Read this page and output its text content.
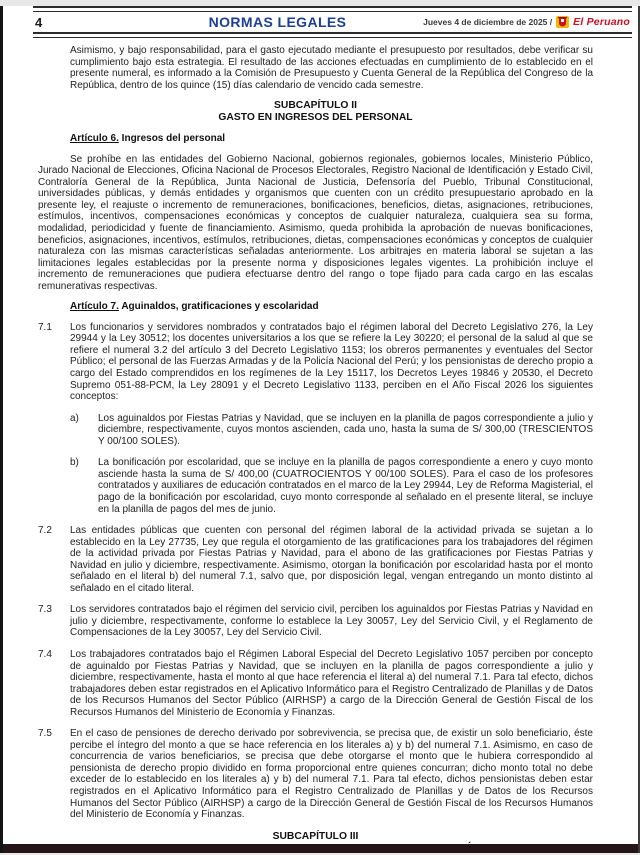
4	NORMAS LEGALES	Jueves 4 de diciembre de 2025 / El Peruano

Asimismo, y bajo responsabilidad, para el gasto ejecutado mediante el presupuesto por resultados, debe verificar su cumplimiento bajo esta estrategia. El resultado de las acciones efectuadas en cumplimiento de lo establecido en el presente numeral, es informado a la Comisión de Presupuesto y Cuenta General de la República del Congreso de la República, dentro de los quince (15) días calendario de vencido cada semestre.

SUBCAPÍTULO II
GASTO EN INGRESOS DEL PERSONAL
Artículo 6. Ingresos del personal

Se prohíbe en las entidades del Gobierno Nacional, gobiernos regionales, gobiernos locales, Ministerio Público, Jurado Nacional de Elecciones, Oficina Nacional de Procesos Electorales, Registro Nacional de Identificación y Estado Civil, Contraloría General de la República, Junta Nacional de Justicia, Defensoría del Pueblo, Tribunal Constitucional, universidades públicas, y demás entidades y organismos que cuenten con un crédito presupuestario aprobado en la presente ley, el reajuste o incremento de remuneraciones, bonificaciones, beneficios, dietas, asignaciones, retribuciones, estímulos, incentivos, compensaciones económicas y conceptos de cualquier naturaleza, cualquiera sea su forma, modalidad, periodicidad y fuente de financiamiento. Asimismo, queda prohibida la aprobación de nuevas bonificaciones, beneficios, asignaciones, incentivos, estímulos, retribuciones, dietas, compensaciones económicas y conceptos de cualquier naturaleza con las mismas características señaladas anteriormente. Los arbitrajes en materia laboral se sujetan a las limitaciones legales establecidas por la presente norma y disposiciones legales vigentes. La prohibición incluye el incremento de remuneraciones que pudiera efectuarse dentro del rango o tope fijado para cada cargo en las escalas remunerativas respectivas.

Artículo 7. Aguinaldos, gratificaciones y escolaridad
7.1	Los funcionarios y servidores nombrados y contratados bajo el régimen laboral del Decreto Legislativo 276, la Ley 29944 y la Ley 30512; los docentes universitarios a los que se refiere la Ley 30220; el personal de la salud al que se refiere el numeral 3.2 del artículo 3 del Decreto Legislativo 1153; los obreros permanentes y eventuales del Sector Público; el personal de las Fuerzas Armadas y de la Policía Nacional del Perú; y los pensionistas de derecho propio a cargo del Estado comprendidos en los regímenes de la Ley 15117, los Decretos Leyes 19846 y 20530, el Decreto Supremo 051-88-PCM, la Ley 28091 y el Decreto Legislativo 1133, perciben en el Año Fiscal 2026 los siguientes conceptos:
a)	Los aguinaldos por Fiestas Patrias y Navidad, que se incluyen en la planilla de pagos correspondiente a julio y diciembre, respectivamente, cuyos montos ascienden, cada uno, hasta la suma de S/ 300,00 (TRESCIENTOS Y 00/100 SOLES).
b)	La bonificación por escolaridad, que se incluye en la planilla de pagos correspondiente a enero y cuyo monto asciende hasta la suma de S/ 400,00 (CUATROCIENTOS Y 00/100 SOLES). Para el caso de los profesores contratados y auxiliares de educación contratados en el marco de la Ley 29944, Ley de Reforma Magisterial, el pago de la bonificación por escolaridad, cuyo monto corresponde al señalado en el presente literal, se incluye en la planilla de pagos del mes de junio.
7.2	Las entidades públicas que cuenten con personal del régimen laboral de la actividad privada se sujetan a lo establecido en la Ley 27735, Ley que regula el otorgamiento de las gratificaciones para los trabajadores del régimen de la actividad privada por Fiestas Patrias y Navidad, para el abono de las gratificaciones por Fiestas Patrias y Navidad en julio y diciembre, respectivamente. Asimismo, otorgan la bonificación por escolaridad hasta por el monto señalado en el literal b) del numeral 7.1, salvo que, por disposición legal, vengan entregando un monto distinto al señalado en el citado literal.
7.3	Los servidores contratados bajo el régimen del servicio civil, perciben los aguinaldos por Fiestas Patrias y Navidad en julio y diciembre, respectivamente, conforme lo establece la Ley 30057, Ley del Servicio Civil, y el Reglamento de Compensaciones de la Ley 30057, Ley del Servicio Civil.
7.4	Los trabajadores contratados bajo el Régimen Laboral Especial del Decreto Legislativo 1057 perciben por concepto de aguinaldo por Fiestas Patrias y Navidad, que se incluyen en la planilla de pagos correspondiente a julio y diciembre, respectivamente, hasta el monto al que hace referencia el literal a) del numeral 7.1. Para tal efecto, dichos trabajadores deben estar registrados en el Aplicativo Informático para el Registro Centralizado de Planillas y de Datos de los Recursos Humanos del Sector Público (AIRHSP) a cargo de la Dirección General de Gestión Fiscal de los Recursos Humanos del Ministerio de Economía y Finanzas.
7.5	En el caso de pensiones de derecho derivado por sobrevivencia, se precisa que, de existir un solo beneficiario, éste percibe el íntegro del monto a que se hace referencia en los literales a) y b) del numeral 7.1. Asimismo, en caso de concurrencia de varios beneficiarios, se precisa que debe otorgarse el monto que le hubiera correspondido al pensionista de derecho propio dividido en forma proporcional entre quienes concurran; dicho monto total no debe exceder de lo establecido en los literales a) y b) del numeral 7.1. Para tal efecto, dichos pensionistas deben estar registrados en el Aplicativo Informático para el Registro Centralizado de Planillas y de Datos de los Recursos Humanos del Sector Público (AIRHSP) a cargo de la Dirección General de Gestión Fiscal de los Recursos Humanos del Ministerio de Economía y Finanzas.
SUBCAPÍTULO III
